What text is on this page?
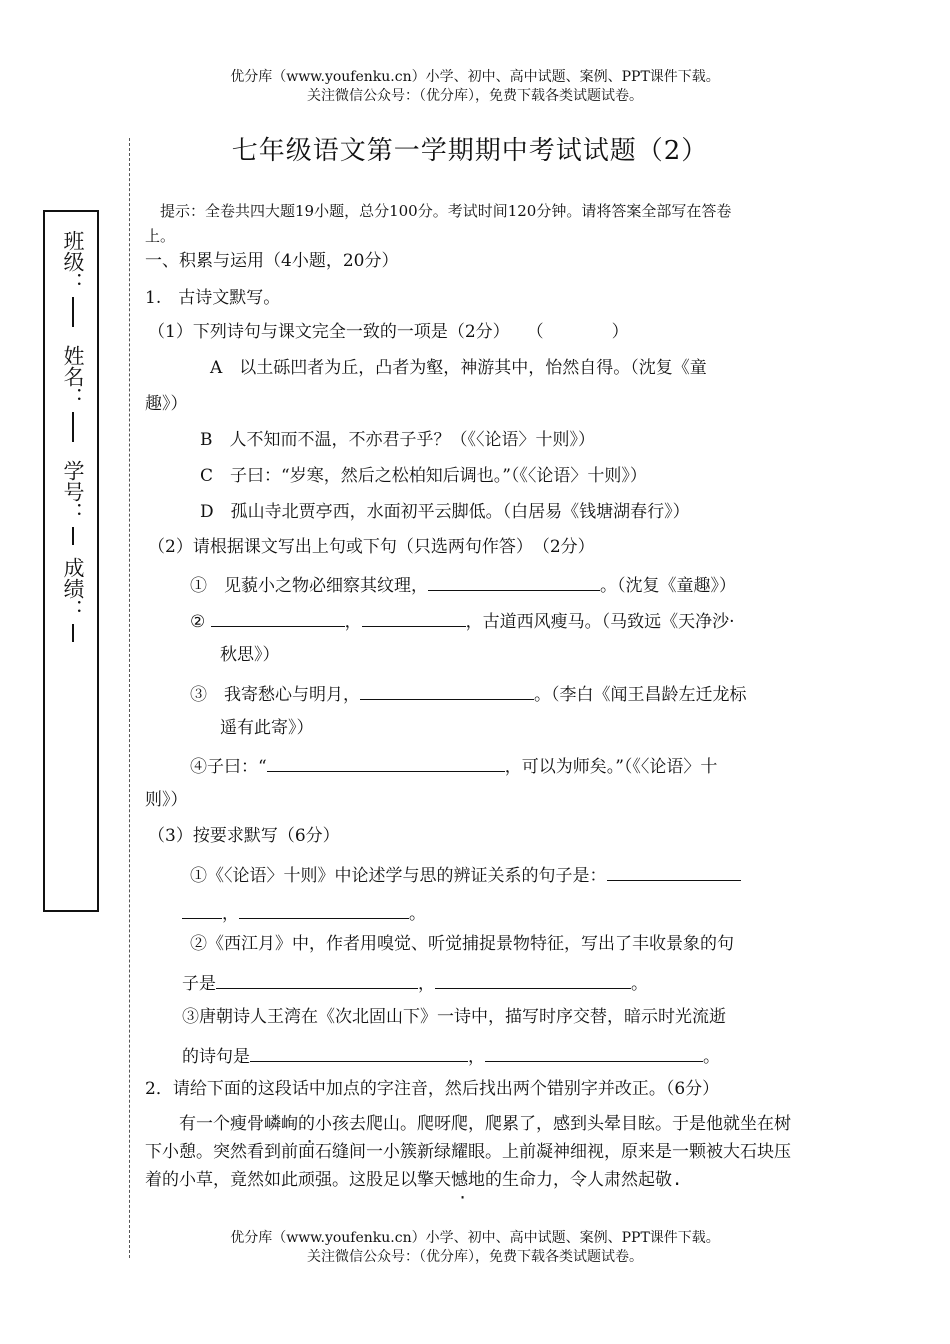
优分库（www.youfenku.cn）小学、初中、高中试题、案例、PPT课件下载。
关注微信公众号：（优分库），免费下载各类试题试卷。
班级：
姓名：
学号：
成绩：
七年级语文第一学期期中考试试题（2）
提示：全卷共四大题19小题，总分100分。考试时间120分钟。请将答案全部写在答卷
上。
一、积累与运用（4小题，20分）
1.　古诗文默写。
（1）下列诗句与课文完全一致的一项是（2分）　　（　　　　）
A　以土砾凹者为丘，凸者为壑，神游其中，怡然自得。（沈复《童
趣》）
B　人不知而不温，不亦君子乎？（《〈论语〉十则》）
C　子曰：“岁寒，然后之松柏知后调也。”（《〈论语〉十则》）
D　孤山寺北贾亭西，水面初平云脚低。（白居易《钱塘湖春行》）
（2）请根据课文写出上句或下句（只选两句作答）　（2分）
①　见藐小之物必细察其纹理，	。（沈复《童趣》）
②	，	，古道西风瘦马。（马致远《天净沙·
秋思》）
③　我寄愁心与明月，	。（李白《闻王昌龄左迁龙标
遥有此寄》）
④子曰：“	，可以为师矣。”（《〈论语〉十
则》）
（3）按要求默写（6分）
①《〈论语〉十则》中论述学与思的辨证关系的句子是：
，	。
②《西江月》中，作者用嗅觉、听觉捕捉景物特征，写出了丰收景象的句
子是	，	。
③唐朝诗人王湾在《次北固山下》一诗中，描写时序交替，暗示时光流逝
的诗句是	，	。
2．请给下面的这段话中加点的字注音，然后找出两个错别字并改正。（6分）
有一个瘦骨嶙 ·峋的小孩去爬山。爬呀爬，爬累了，感到头晕目眩。于是他就坐在树下小憩。突然看到前面石缝间一小簇新绿耀眼。上前凝神细视，原来是一颗被大石块压着的小草，竟然如此顽强。这股足以擎 ·天憾地的生命力，令人肃然起敬.
优分库（www.youfenku.cn）小学、初中、高中试题、案例、PPT课件下载。
关注微信公众号：（优分库），免费下载各类试题试卷。
